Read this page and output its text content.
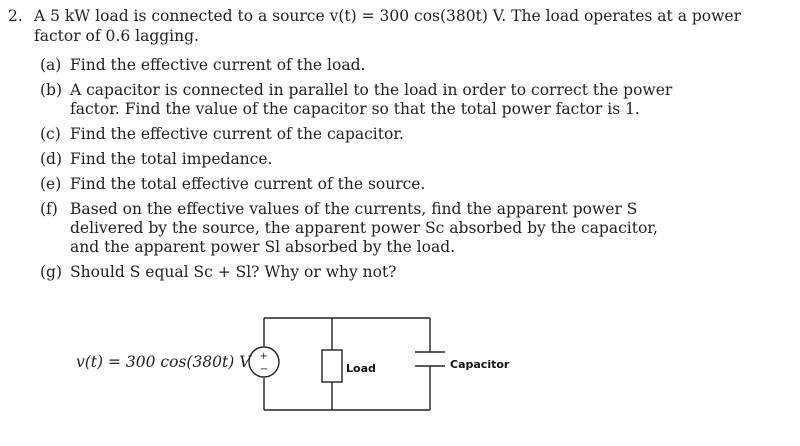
2. A 5 kW load is connected to a source v(t) = 300 cos(380t) V. The load operates at a power factor of 0.6 lagging.
(a) Find the effective current of the load.
(b) A capacitor is connected in parallel to the load in order to correct the power factor. Find the value of the capacitor so that the total power factor is 1.
(c) Find the effective current of the capacitor.
(d) Find the total impedance.
(e) Find the total effective current of the source.
(f) Based on the effective values of the currents, find the apparent power S delivered by the source, the apparent power Sc absorbed by the capacitor, and the apparent power Sl absorbed by the load.
(g) Should S equal Sc + Sl? Why or why not?
+
−
v(t) = 300 cos(380t) V	Load	Capacitor
